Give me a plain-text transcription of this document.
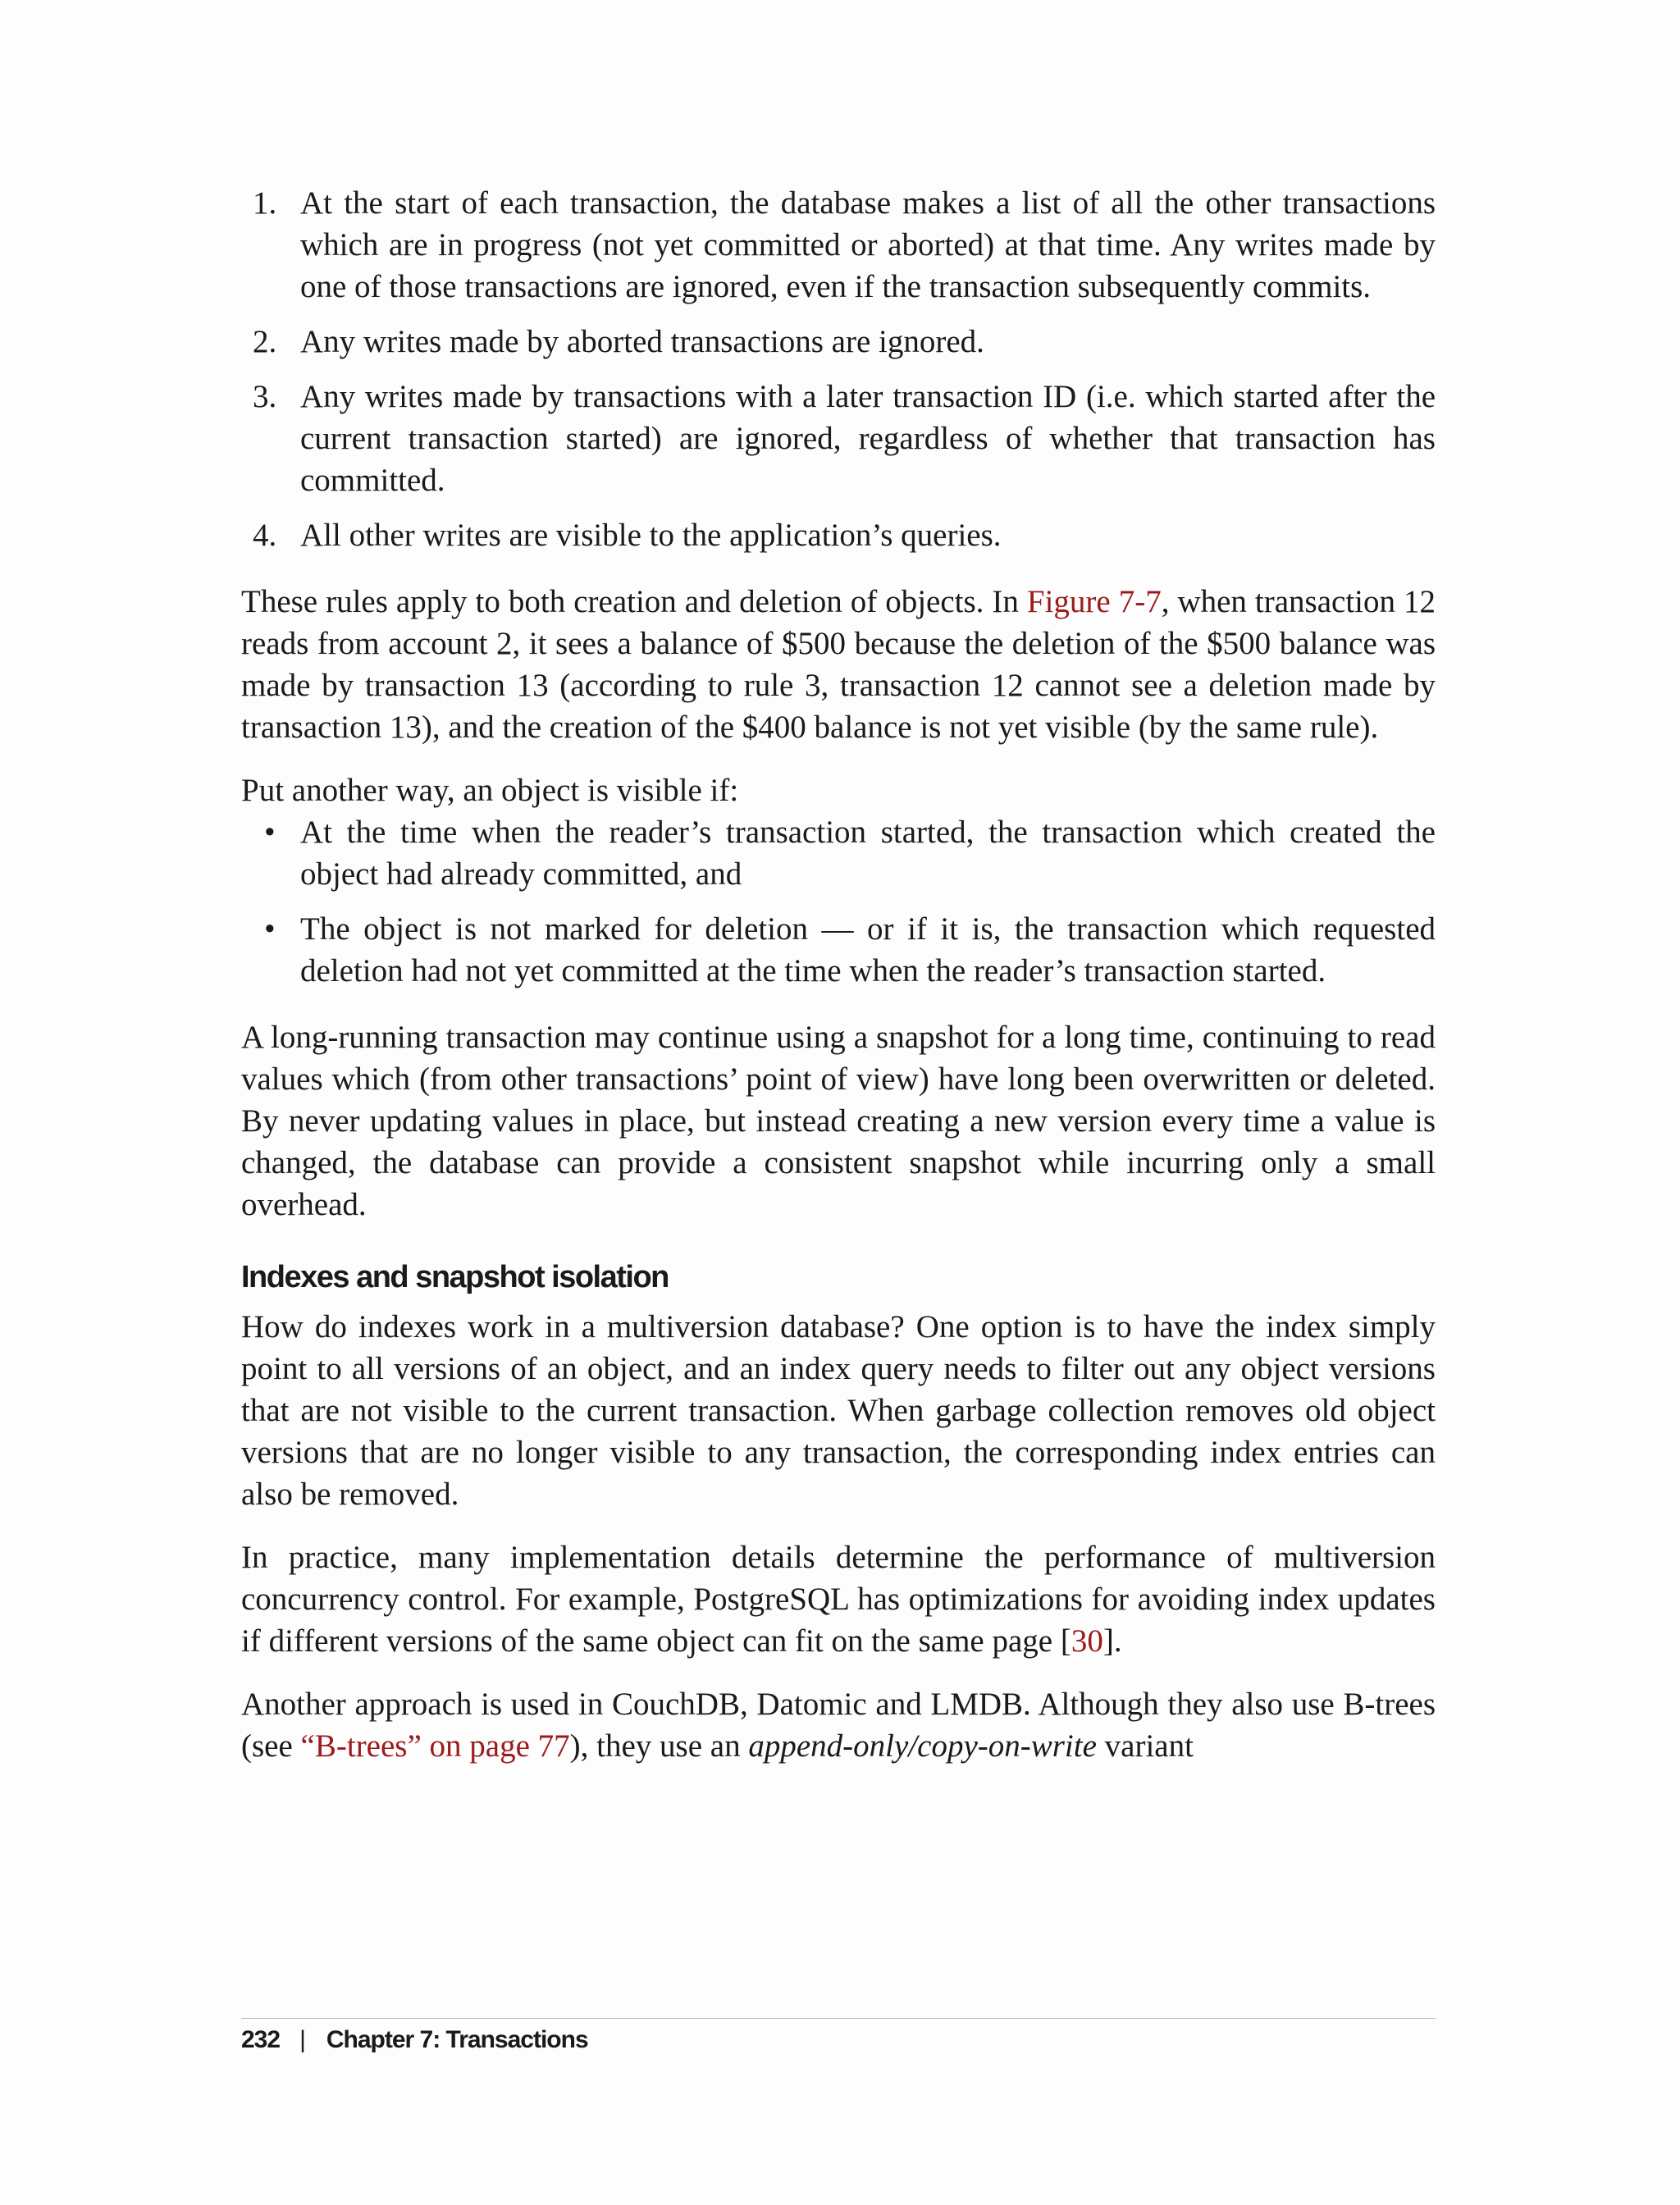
1. At the start of each transaction, the database makes a list of all the other transactions which are in progress (not yet committed or aborted) at that time. Any writes made by one of those transactions are ignored, even if the transaction subsequently commits.
2. Any writes made by aborted transactions are ignored.
3. Any writes made by transactions with a later transaction ID (i.e. which started after the current transaction started) are ignored, regardless of whether that transaction has committed.
4. All other writes are visible to the application’s queries.

These rules apply to both creation and deletion of objects. In Figure 7-7, when transaction 12 reads from account 2, it sees a balance of $500 because the deletion of the $500 balance was made by transaction 13 (according to rule 3, transaction 12 cannot see a deletion made by transaction 13), and the creation of the $400 balance is not yet visible (by the same rule).

Put another way, an object is visible if:

• At the time when the reader’s transaction started, the transaction which created the object had already committed, and
• The object is not marked for deletion — or if it is, the transaction which requested deletion had not yet committed at the time when the reader’s transaction started.

A long-running transaction may continue using a snapshot for a long time, continuing to read values which (from other transactions’ point of view) have long been overwritten or deleted. By never updating values in place, but instead creating a new version every time a value is changed, the database can provide a consistent snapshot while incurring only a small overhead.

Indexes and snapshot isolation

How do indexes work in a multiversion database? One option is to have the index simply point to all versions of an object, and an index query needs to filter out any object versions that are not visible to the current transaction. When garbage collection removes old object versions that are no longer visible to any transaction, the corresponding index entries can also be removed.

In practice, many implementation details determine the performance of multiversion concurrency control. For example, PostgreSQL has optimizations for avoiding index updates if different versions of the same object can fit on the same page [30].

Another approach is used in CouchDB, Datomic and LMDB. Although they also use B-trees (see “B-trees” on page 77), they use an append-only/copy-on-write variant

232 | Chapter 7: Transactions
